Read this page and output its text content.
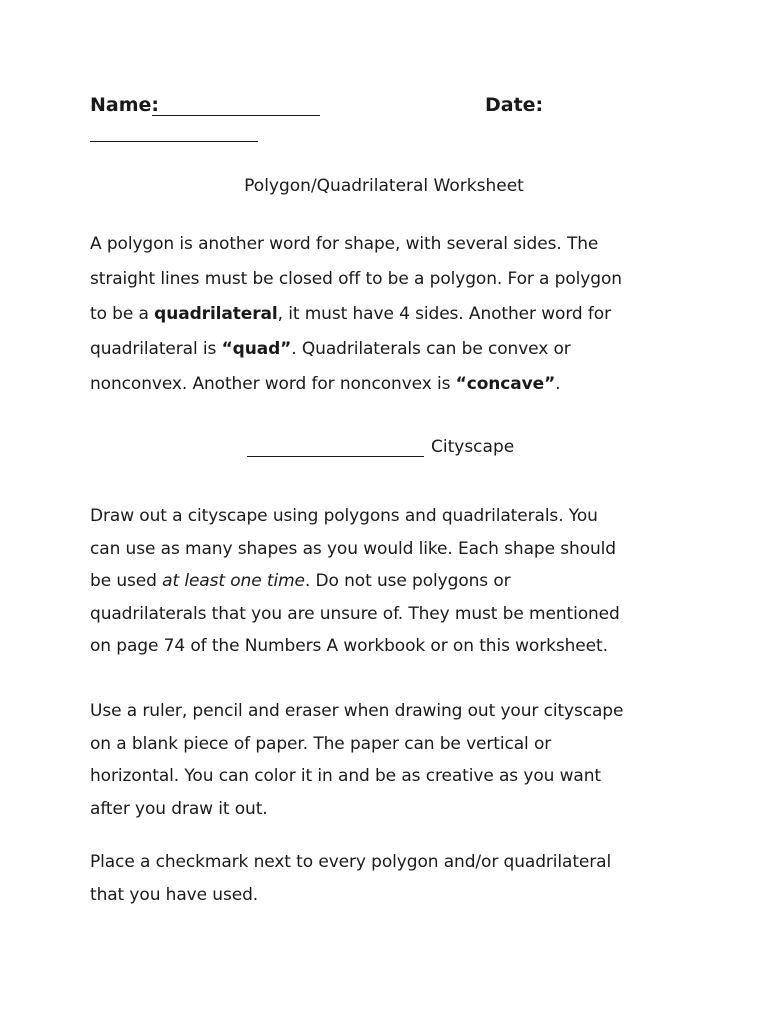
Name:	Date:
Polygon/Quadrilateral Worksheet
A polygon is another word for shape, with several sides. The
straight lines must be closed off to be a polygon. For a polygon
to be a quadrilateral, it must have 4 sides. Another word for
quadrilateral is “quad”. Quadrilaterals can be convex or
nonconvex. Another word for nonconvex is “concave”.
Cityscape
Draw out a cityscape using polygons and quadrilaterals. You
can use as many shapes as you would like. Each shape should
be used at least one time. Do not use polygons or
quadrilaterals that you are unsure of. They must be mentioned
on page 74 of the Numbers A workbook or on this worksheet.
Use a ruler, pencil and eraser when drawing out your cityscape
on a blank piece of paper. The paper can be vertical or
horizontal. You can color it in and be as creative as you want
after you draw it out.
Place a checkmark next to every polygon and/or quadrilateral
that you have used.
